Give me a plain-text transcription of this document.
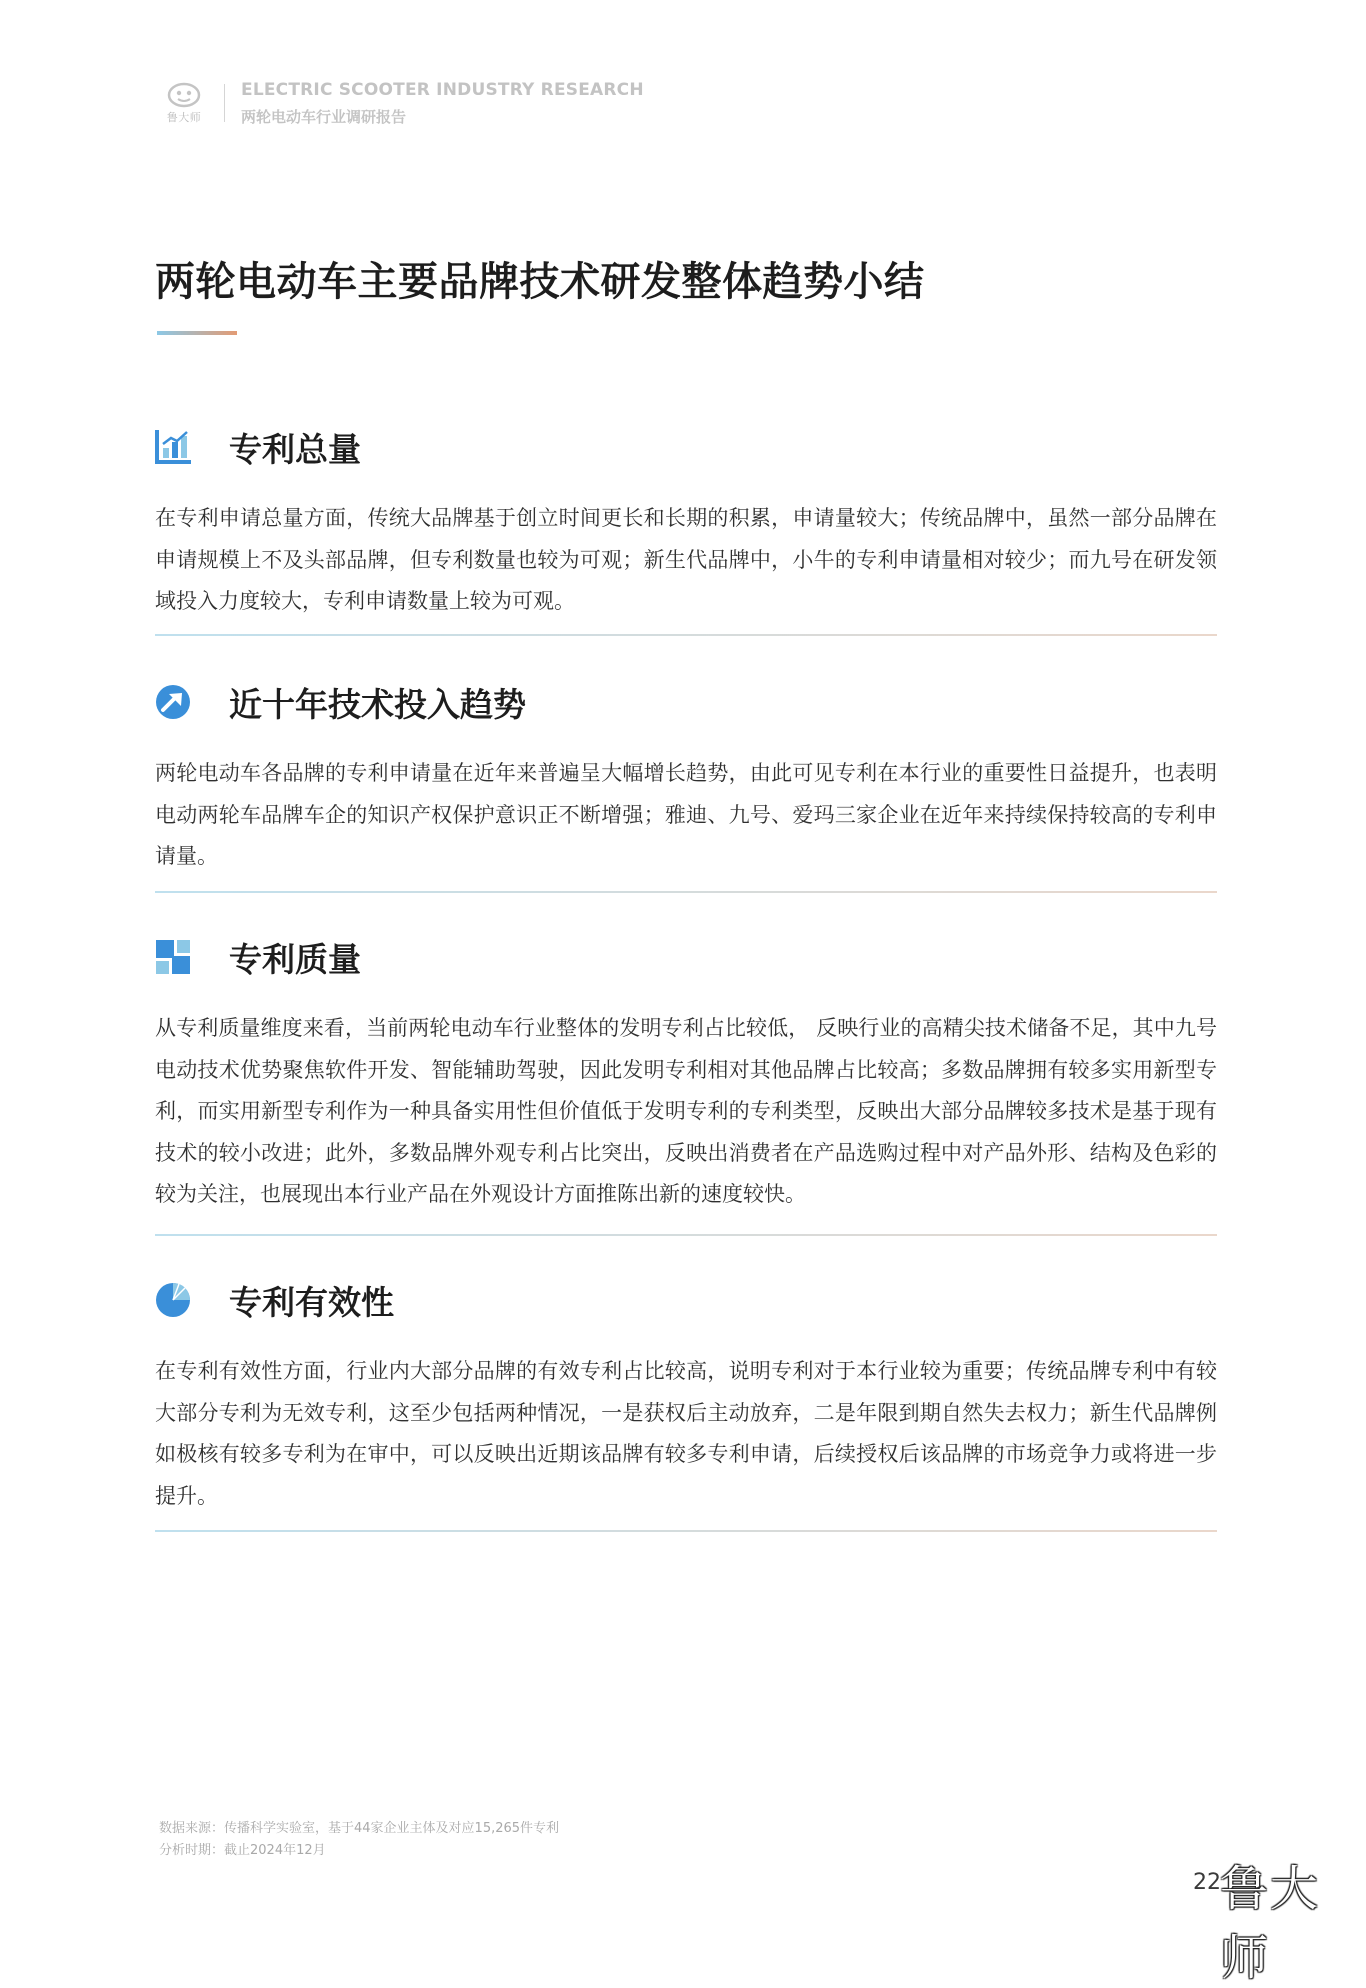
鲁大师
ELECTRIC SCOOTER INDUSTRY RESEARCH
两轮电动车行业调研报告
两轮电动车主要品牌技术研发整体趋势小结
专利总量

在专利申请总量方面，传统大品牌基于创立时间更长和长期的积累，申请量较大；传统品牌中，虽然一部分品牌在申请规模上不及头部品牌，但专利数量也较为可观；新生代品牌中，小牛的专利申请量相对较少；而九号在研发领域投入力度较大，专利申请数量上较为可观。

近十年技术投入趋势

两轮电动车各品牌的专利申请量在近年来普遍呈大幅增长趋势，由此可见专利在本行业的重要性日益提升，也表明电动两轮车品牌车企的知识产权保护意识正不断增强；雅迪、九号、爱玛三家企业在近年来持续保持较高的专利申请量。

专利质量

从专利质量维度来看，当前两轮电动车行业整体的发明专利占比较低， 反映行业的高精尖技术储备不足，其中九号电动技术优势聚焦软件开发、智能辅助驾驶，因此发明专利相对其他品牌占比较高；多数品牌拥有较多实用新型专利，而实用新型专利作为一种具备实用性但价值低于发明专利的专利类型，反映出大部分品牌较多技术是基于现有技术的较小改进；此外，多数品牌外观专利占比突出，反映出消费者在产品选购过程中对产品外形、结构及色彩的较为关注，也展现出本行业产品在外观设计方面推陈出新的速度较快。

专利有效性

在专利有效性方面，行业内大部分品牌的有效专利占比较高，说明专利对于本行业较为重要；传统品牌专利中有较大部分专利为无效专利，这至少包括两种情况，一是获权后主动放弃，二是年限到期自然失去权力；新生代品牌例如极核有较多专利为在审中，可以反映出近期该品牌有较多专利申请，后续授权后该品牌的市场竞争力或将进一步提升。

数据来源：传播科学实验室，基于44家企业主体及对应15,265件专利
分析时期：截止2024年12月
22 鲁大师
